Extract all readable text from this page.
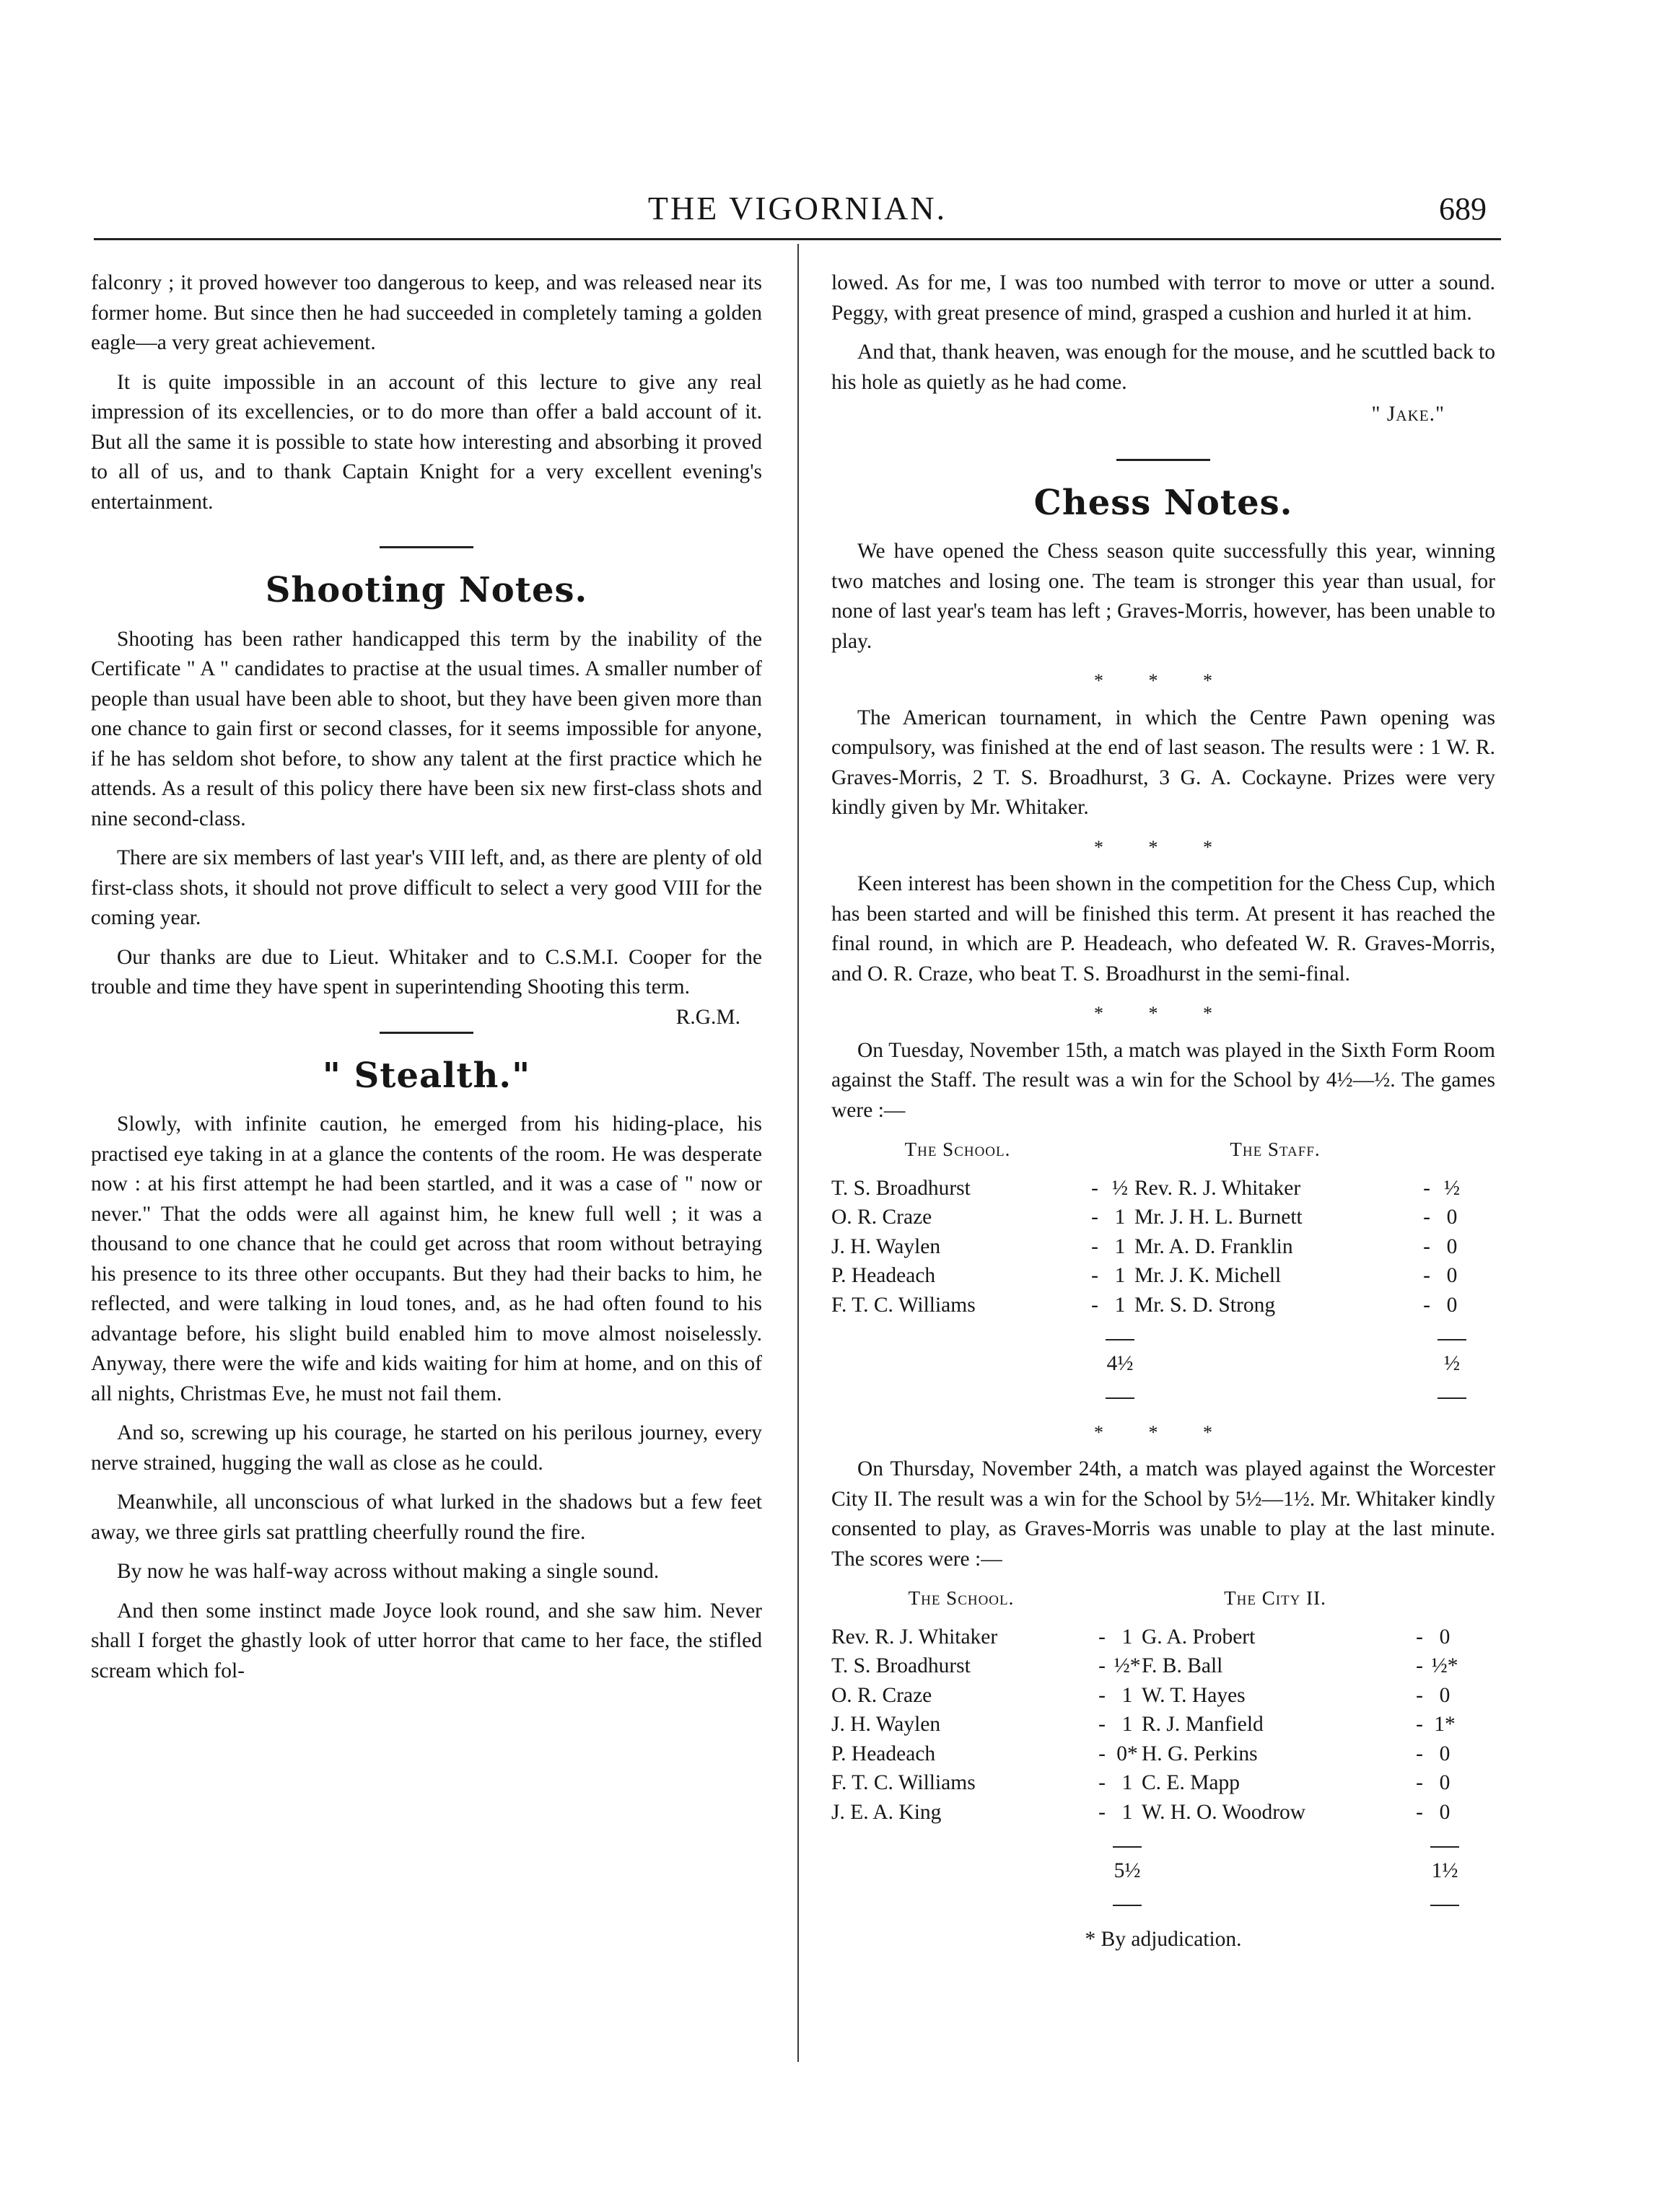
THE VIGORNIAN.	689

falconry ; it proved however too dangerous to keep, and was released near its former home. But since then he had succeeded in completely taming a golden eagle—a very great achievement.

It is quite impossible in an account of this lecture to give any real impression of its excellencies, or to do more than offer a bald account of it. But all the same it is possible to state how interesting and absorbing it proved to all of us, and to thank Captain Knight for a very excellent evening's entertainment.

Shooting Notes.

Shooting has been rather handicapped this term by the inability of the Certificate " A " candidates to practise at the usual times. A smaller number of people than usual have been able to shoot, but they have been given more than one chance to gain first or second classes, for it seems impossible for anyone, if he has seldom shot before, to show any talent at the first practice which he attends. As a result of this policy there have been six new first-class shots and nine second-class.

There are six members of last year's VIII left, and, as there are plenty of old first-class shots, it should not prove difficult to select a very good VIII for the coming year.

Our thanks are due to Lieut. Whitaker and to C.S.M.I. Cooper for the trouble and time they have spent in superintending Shooting this term.
R.G.M.

" Stealth."

Slowly, with infinite caution, he emerged from his hiding-place, his practised eye taking in at a glance the contents of the room. He was desperate now : at his first attempt he had been startled, and it was a case of " now or never." That the odds were all against him, he knew full well ; it was a thousand to one chance that he could get across that room without betraying his presence to its three other occupants. But they had their backs to him, he reflected, and were talking in loud tones, and, as he had often found to his advantage before, his slight build enabled him to move almost noiselessly. Anyway, there were the wife and kids waiting for him at home, and on this of all nights, Christmas Eve, he must not fail them.

And so, screwing up his courage, he started on his perilous journey, every nerve strained, hugging the wall as close as he could.

Meanwhile, all unconscious of what lurked in the shadows but a few feet away, we three girls sat prattling cheerfully round the fire.

By now he was half-way across without making a single sound.

And then some instinct made Joyce look round, and she saw him. Never shall I forget the ghastly look of utter horror that came to her face, the stifled scream which fol-

lowed. As for me, I was too numbed with terror to move or utter a sound. Peggy, with great presence of mind, grasped a cushion and hurled it at him.

And that, thank heaven, was enough for the mouse, and he scuttled back to his hole as quietly as he had come.

" Jake."
Chess Notes.

We have opened the Chess season quite successfully this year, winning two matches and losing one. The team is stronger this year than usual, for none of last year's team has left ; Graves-Morris, however, has been unable to play.

* * *

The American tournament, in which the Centre Pawn opening was compulsory, was finished at the end of last season. The results were : 1 W. R. Graves-Morris, 2 T. S. Broadhurst, 3 G. A. Cockayne. Prizes were very kindly given by Mr. Whitaker.

* * *

Keen interest has been shown in the competition for the Chess Cup, which has been started and will be finished this term. At present it has reached the final round, in which are P. Headeach, who defeated W. R. Graves-Morris, and O. R. Craze, who beat T. S. Broadhurst in the semi-final.

* * *

On Tuesday, November 15th, a match was played in the Sixth Form Room against the Staff. The result was a win for the School by 4½—½. The games were :—

The School.			The Staff.		
T. S. Broadhurst	-	½	Rev. R. J. Whitaker	-	½
O. R. Craze	-	1	Mr. J. H. L. Burnett	-	0
J. H. Waylen	-	1	Mr. A. D. Franklin	-	0
P. Headeach	-	1	Mr. J. K. Michell	-	0
F. T. C. Williams	-	1	Mr. S. D. Strong	-	0

		4½			½
* * *

On Thursday, November 24th, a match was played against the Worcester City II. The result was a win for the School by 5½—1½. Mr. Whitaker kindly consented to play, as Graves-Morris was unable to play at the last minute. The scores were :—

The School.			The City II.		
Rev. R. J. Whitaker	-	1	G. A. Probert	-	0
T. S. Broadhurst	-	½*	F. B. Ball	-	½*
O. R. Craze	-	1	W. T. Hayes	-	0
J. H. Waylen	-	1	R. J. Manfield	-	1*
P. Headeach	-	0*	H. G. Perkins	-	0
F. T. C. Williams	-	1	C. E. Mapp	-	0
J. E. A. King	-	1	W. H. O. Woodrow	-	0

		5½			1½
* By adjudication.
